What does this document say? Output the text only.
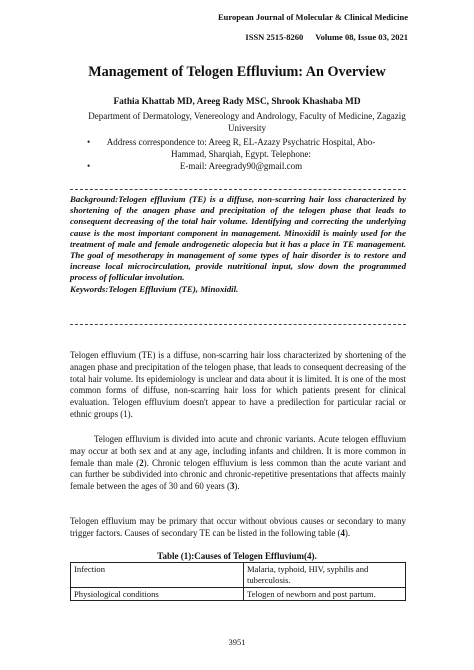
European Journal of Molecular & Clinical Medicine
ISSN 2515-8260 Volume 08, Issue 03, 2021
Management of Telogen Effluvium: An Overview
Fathia Khattab MD, Areeg Rady MSC, Shrook Khashaba MD
Department of Dermatology, Venereology and Andrology, Faculty of Medicine, Zagazig University
• Address correspondence to: Areeg R, EL-Azazy Psychatric Hospital, Abo-Hammad, Sharqiah, Egypt. Telephone:
• E-mail: Areegrady90@gmail.com

Background:Telogen effluvium (TE) is a diffuse, non-scarring hair loss characterized by shortening of the anagen phase and precipitation of the telogen phase that leads to consequent decreasing of the total hair volume. Identifying and correcting the underlying cause is the most important component in management. Minoxidil is mainly used for the treatment of male and female androgenetic alopecia but it has a place in TE management. The goal of mesotherapy in management of some types of hair disorder is to restore and increase local microcirculation, provide nutritional input, slow down the programmed process of follicular involution.

Keywords:Telogen Effluvium (TE), Minoxidil.

Telogen effluvium (TE) is a diffuse, non-scarring hair loss characterized by shortening of the anagen phase and precipitation of the telogen phase, that leads to consequent decreasing of the total hair volume. Its epidemiology is unclear and data about it is limited. It is one of the most common forms of diffuse, non-scarring hair loss for which patients present for clinical evaluation. Telogen effluvium doesn't appear to have a predilection for particular racial or ethnic groups (1).

Telogen effluvium is divided into acute and chronic variants. Acute telogen effluvium may occur at both sex and at any age, including infants and children. It is more common in female than male (2). Chronic telogen effluvium is less common than the acute variant and can further be subdivided into chronic and chronic-repetitive presentations that affects mainly female between the ages of 30 and 60 years (3).

Telogen effluvium may be primary that occur without obvious causes or secondary to many trigger factors. Causes of secondary TE can be listed in the following table (4).

Table (1):Causes of Telogen Effluvium(4).
Infection	Malaria, typhoid, HIV, syphilis and tuberculosis.
Physiological conditions	Telogen of newborn and post partum.
3951
